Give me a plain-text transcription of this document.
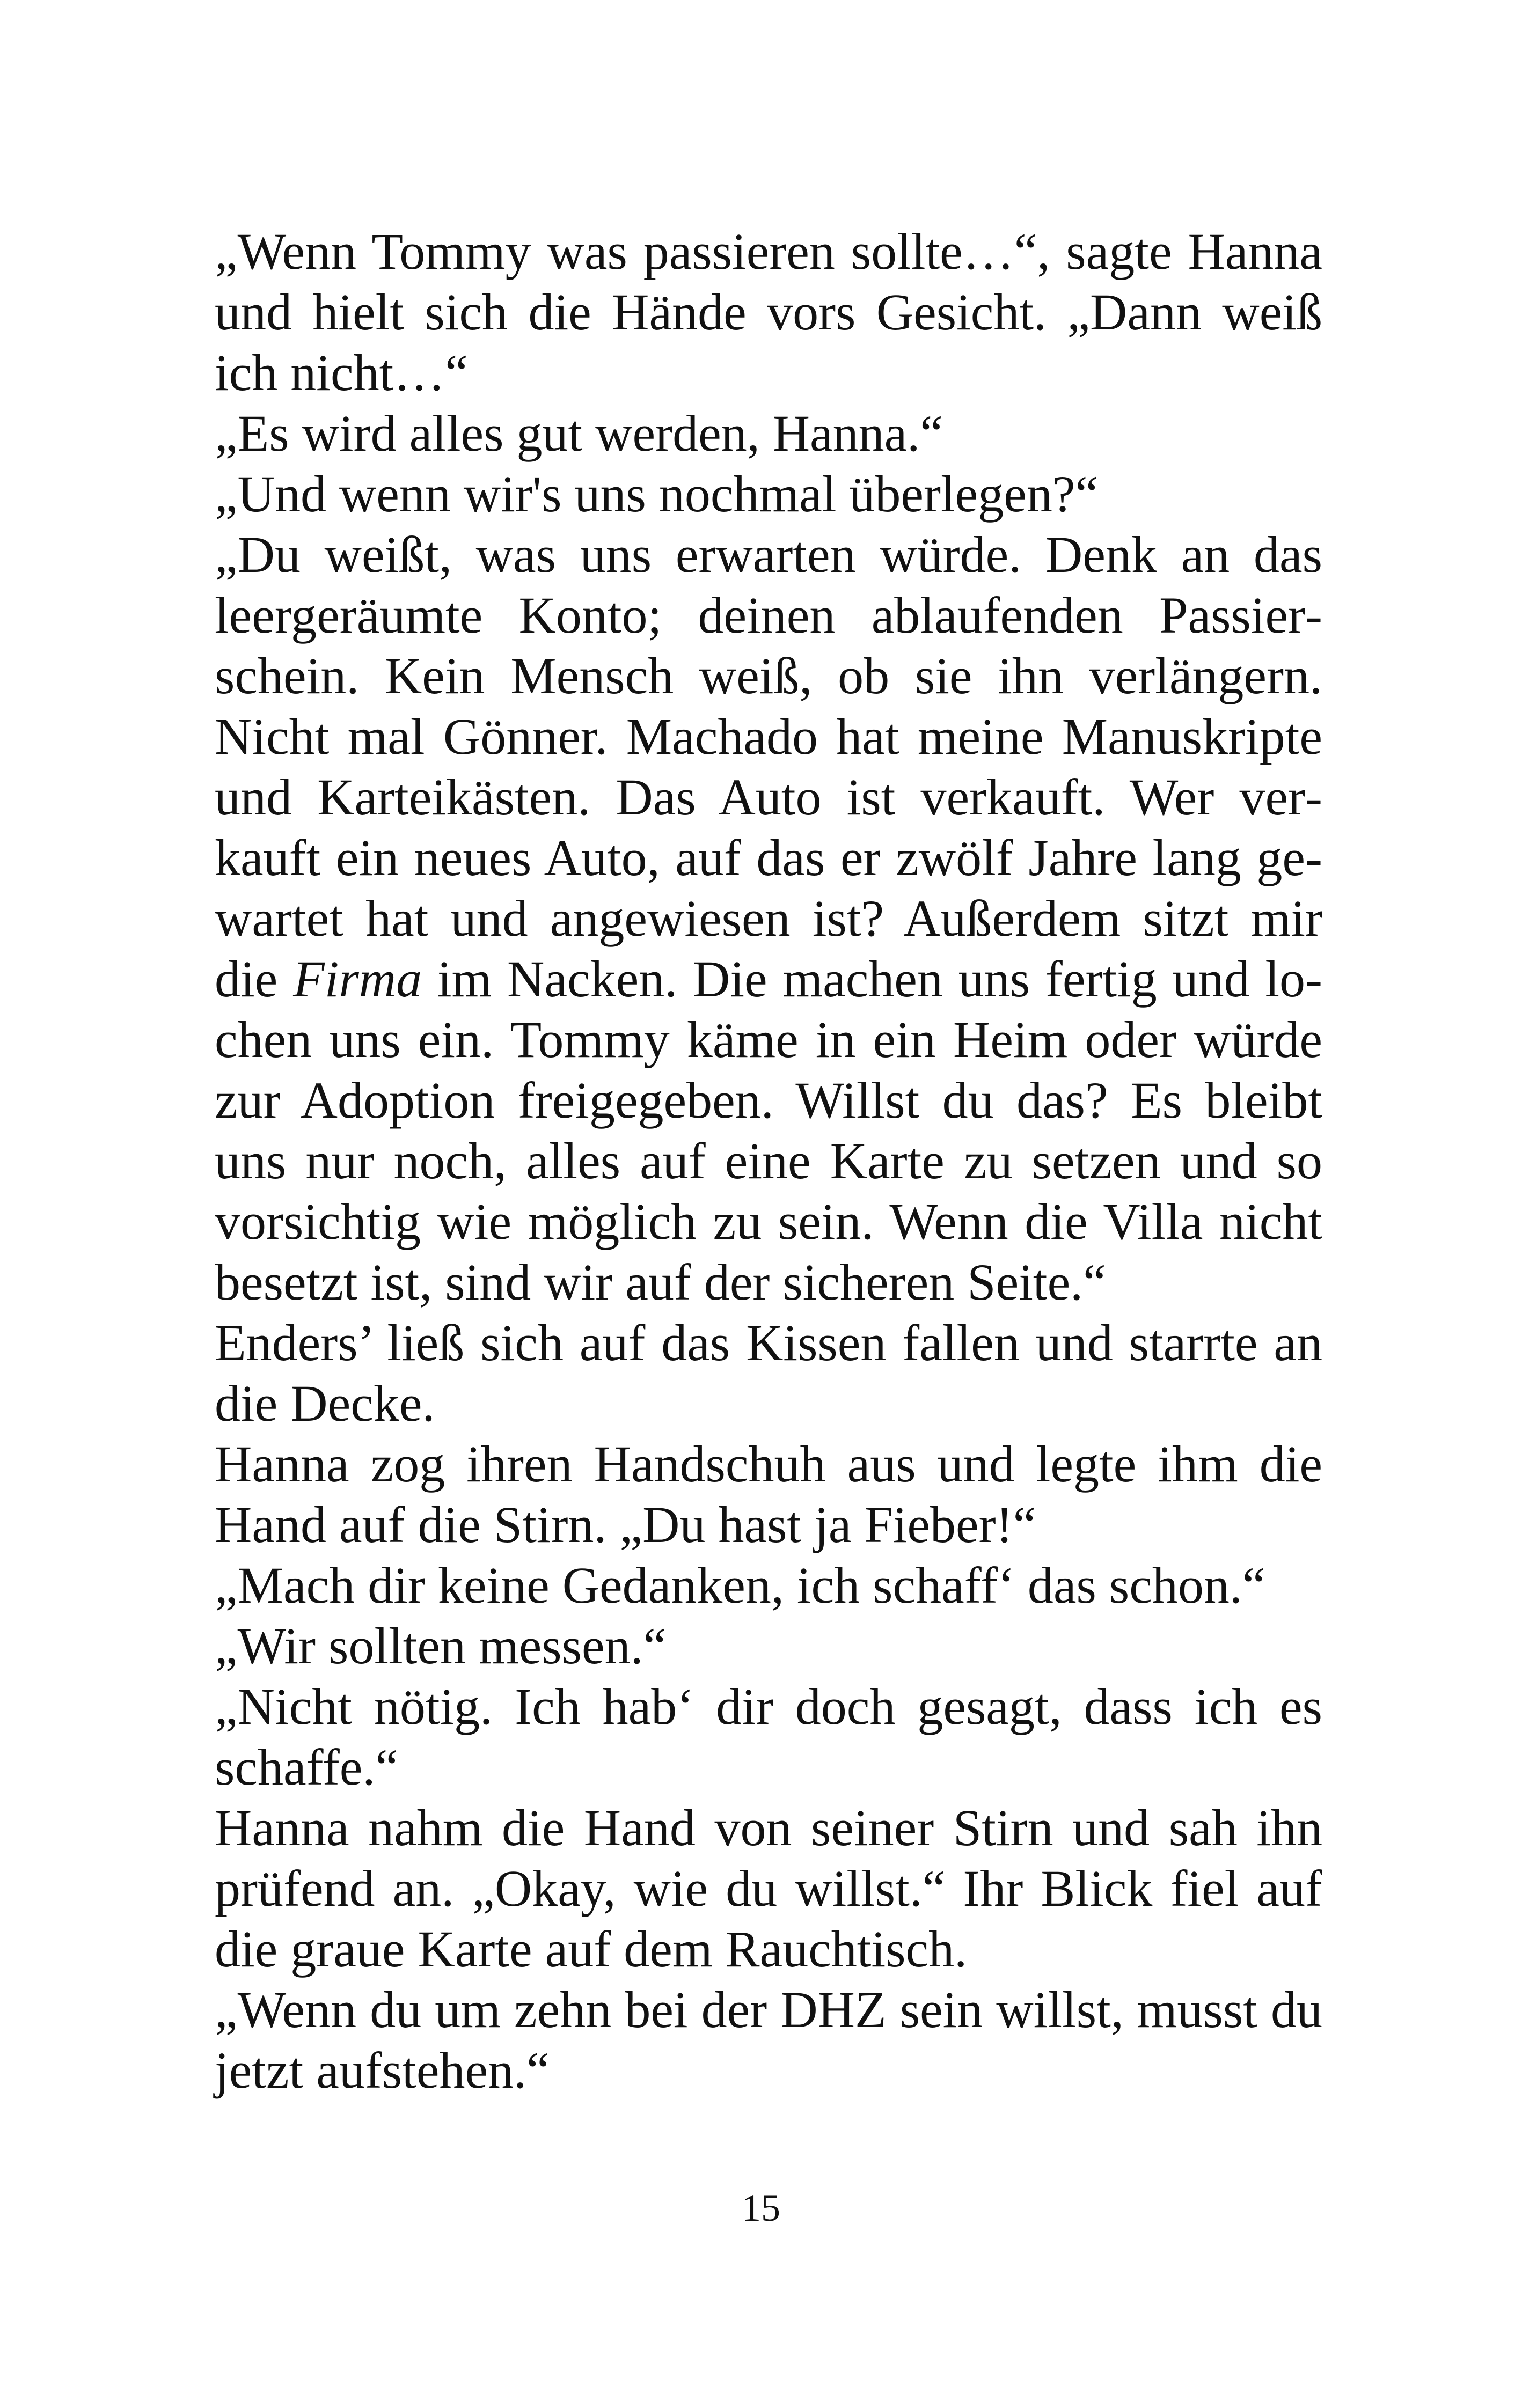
„Wenn Tommy was passieren sollte…“, sagte Hanna und hielt sich die Hände vors Gesicht. „Dann weiß ich nicht…“

„Es wird alles gut werden, Hanna.“

„Und wenn wir's uns nochmal überlegen?“

„Du weißt, was uns erwarten würde. Denk an das leergeräumte Konto; deinen ablaufenden Passierschein. Kein Mensch weiß, ob sie ihn verlängern. Nicht mal Gönner. Machado hat meine Manuskripte und Karteikästen. Das Auto ist verkauft. Wer verkauft ein neues Auto, auf das er zwölf Jahre lang gewartet hat und angewiesen ist? Außerdem sitzt mir die Firma im Nacken. Die machen uns fertig und lochen uns ein. Tommy käme in ein Heim oder würde zur Adoption freigegeben. Willst du das? Es bleibt uns nur noch, alles auf eine Karte zu setzen und so vorsichtig wie möglich zu sein. Wenn die Villa nicht besetzt ist, sind wir auf der sicheren Seite.“

Enders’ ließ sich auf das Kissen fallen und starrte an die Decke.

Hanna zog ihren Handschuh aus und legte ihm die Hand auf die Stirn. „Du hast ja Fieber!“

„Mach dir keine Gedanken, ich schaff‘ das schon.“

„Wir sollten messen.“

„Nicht nötig. Ich hab‘ dir doch gesagt, dass ich es schaffe.“

Hanna nahm die Hand von seiner Stirn und sah ihn prüfend an. „Okay, wie du willst.“ Ihr Blick fiel auf die graue Karte auf dem Rauchtisch.

„Wenn du um zehn bei der DHZ sein willst, musst du jetzt aufstehen.“

15
